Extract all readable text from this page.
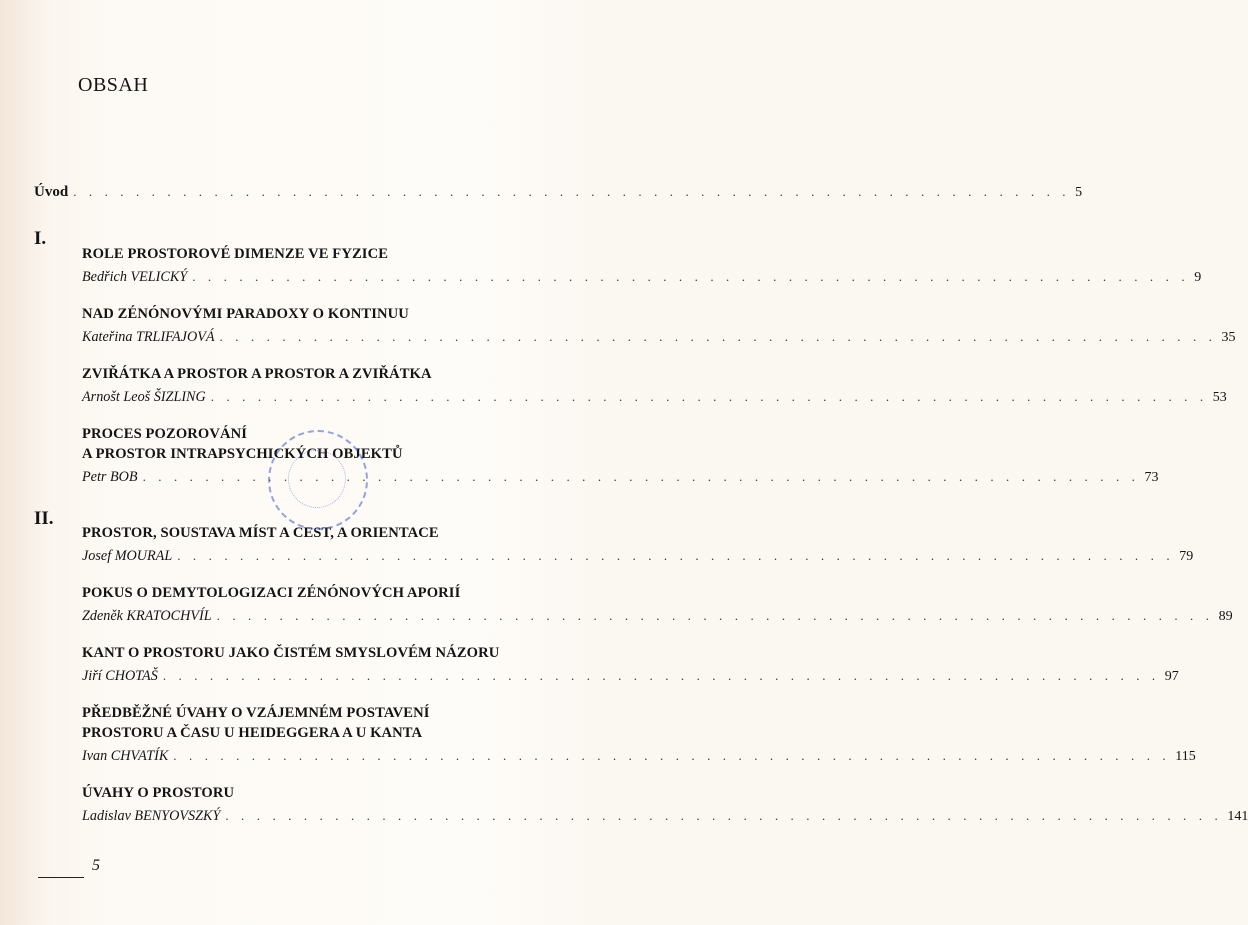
OBSAH
Úvod . . . . . . . . . . . . . . . . . . . . . . . . . . . . . . . . . . . . . . . . . . . . . . . . . . . . . . . . . . . . . . . . 5
I.
ROLE PROSTOROVÉ DIMENZE VE FYZICE
Bedřich VELICKÝ . . . . . . . . . . . . . . . . . . . . . . . . . . . . . . . . . . . . . . . . . . . . . . . . . . . . . . . . . . . . . . . . 9
NAD ZÉNÓNOVÝMI PARADOXY O KONTINUU
Kateřina TRLIFAJOVÁ . . . . . . . . . . . . . . . . . . . . . . . . . . . . . . . . . . . . . . . . . . . . . . . . . . . . . . . . . . . . . . . . 35
ZVIŘÁTKA A PROSTOR A PROSTOR A ZVIŘÁTKA
Arnošt Leoš ŠIZLING . . . . . . . . . . . . . . . . . . . . . . . . . . . . . . . . . . . . . . . . . . . . . . . . . . . . . . . . . . . . . . . . 53
PROCES POZOROVÁNÍ
A PROSTOR INTRAPSYCHICKÝCH OBJEKTŮ
Petr BOB . . . . . . . . . . . . . . . . . . . . . . . . . . . . . . . . . . . . . . . . . . . . . . . . . . . . . . . . . . . . . . . . 73
II.
PROSTOR, SOUSTAVA MÍST A CEST, A ORIENTACE
Josef MOURAL . . . . . . . . . . . . . . . . . . . . . . . . . . . . . . . . . . . . . . . . . . . . . . . . . . . . . . . . . . . . . . . . 79
POKUS O DEMYTOLOGIZACI ZÉNÓNOVÝCH APORIÍ
Zdeněk KRATOCHVÍL . . . . . . . . . . . . . . . . . . . . . . . . . . . . . . . . . . . . . . . . . . . . . . . . . . . . . . . . . . . . . . . . 89
KANT O PROSTORU JAKO ČISTÉM SMYSLOVÉM NÁZORU
Jiří CHOTAŠ . . . . . . . . . . . . . . . . . . . . . . . . . . . . . . . . . . . . . . . . . . . . . . . . . . . . . . . . . . . . . . . . 97
PŘEDBĚŽNÉ ÚVAHY O VZÁJEMNÉM POSTAVENÍ
PROSTORU A ČASU U HEIDEGGERA A U KANTA
Ivan CHVATÍK . . . . . . . . . . . . . . . . . . . . . . . . . . . . . . . . . . . . . . . . . . . . . . . . . . . . . . . . . . . . . . . . 115
ÚVAHY O PROSTORU
Ladislav BENYOVSZKÝ . . . . . . . . . . . . . . . . . . . . . . . . . . . . . . . . . . . . . . . . . . . . . . . . . . . . . . . . . . . . . . . . 141
5
